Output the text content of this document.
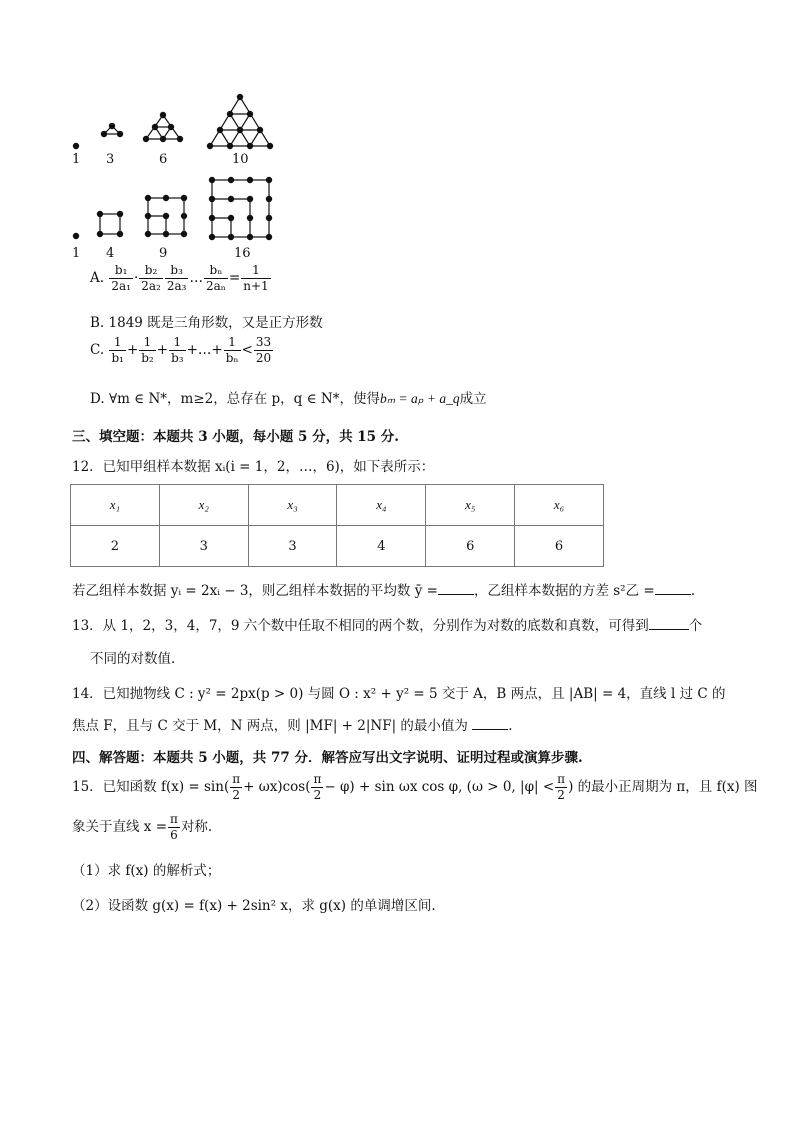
1 3	6	10
1 4	9	16
A. $\frac{\text{b₁}}{\text{2a₁}} \cdot \frac{\text{b₂}}{\text{2a₂}} \frac{\text{b₃}}{\text{2a₃}}$ … $\frac{\text{bₙ}}{\text{2aₙ}} = \frac{1}{n+1}$
B. 1849 既是三角形数，又是正方形数
C. $\frac{1}{\text{b₁}} + \frac{1}{\text{b₂}} + \frac{1}{\text{b₃}}$ +…+ $\frac{1}{\text{bₙ}} < \frac{33}{20}$
D. ∀m ∈ N*，m≥2，总存在 p，q ∈ N*，使得bₘ = aₚ + a_q成立
三、填空题：本题共 3 小题，每小题 5 分，共 15 分.
12．已知甲组样本数据 xᵢ(i = 1，2，…，6)，如下表所示：
x₁	x₂	x₃	x₄	x₅	x₆
2	3	3	4	6	6
若乙组样本数据 yᵢ = 2xᵢ − 3，则乙组样本数据的平均数 ȳ =	，乙组样本数据的方差 s²乙 =	.
13．从 1，2，3，4，7，9 六个数中任取不相同的两个数，分别作为对数的底数和真数，可得到	个
不同的对数值.
14．已知抛物线 C : y² = 2px(p > 0) 与圆 O : x² + y² = 5 交于 A，B 两点，且 |AB| = 4，直线 l 过 C 的
焦点 F，且与 C 交于 M，N 两点，则 |MF| + 2|NF| 的最小值为	.
四、解答题：本题共 5 小题，共 77 分．解答应写出文字说明、证明过程或演算步骤.
15．已知函数 $f(x) = \sin( \frac{\pi}{2} + \omega x)\cos( \frac{\pi}{2} - \varphi) + \sin \omega x$ cos φ, (ω > 0, $|\varphi| < \frac{\pi}{2}$ ) 的最小正周期为 π，且 f(x) 图
象关于直线 $x = \frac{\pi}{6}$ 对称.
（1）求 f(x) 的解析式；
（2）设函数 g(x) = f(x) + 2sin² x，求 g(x) 的单调增区间.
